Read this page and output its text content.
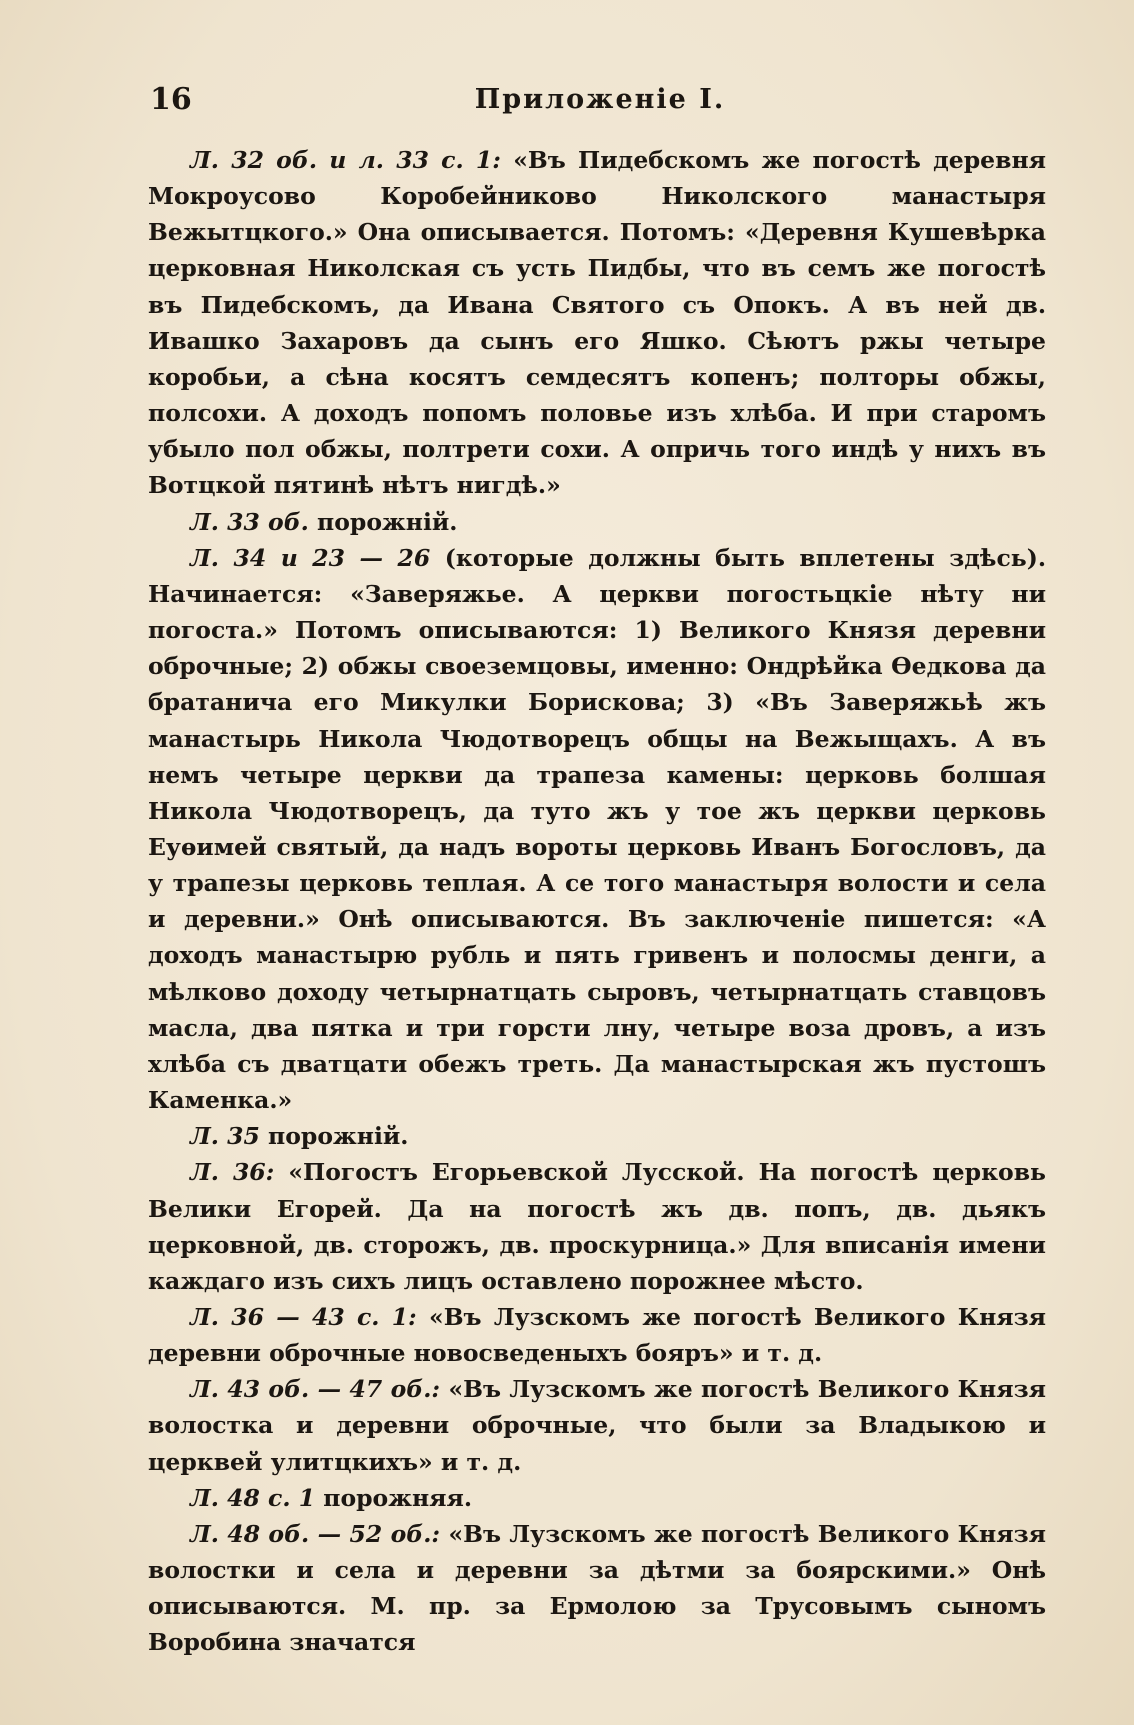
16	Приложеніе I.

Л. 32 об. и л. 33 с. 1: «Въ Пидебскомъ же погостѣ деревня Мокроусово Коробейниково Николского манастыря Вежытцкого.» Она описывается. Потомъ: «Деревня Кушевѣрка церковная Николская съ усть Пидбы, что въ семъ же погостѣ въ Пидебскомъ, да Ивана Святого съ Опокъ. А въ ней дв. Ивашко Захаровъ да сынъ его Яшко. Сѣютъ ржы четыре коробьи, а сѣна косятъ семдесятъ копенъ; полторы обжы, полсохи. А доходъ попомъ половье изъ хлѣба. И при старомъ убыло пол обжы, полтрети сохи. А опричь того индѣ у нихъ въ Вотцкой пятинѣ нѣтъ нигдѣ.»

Л. 33 об. порожній.

Л. 34 и 23 — 26 (которые должны быть вплетены здѣсь). Начинается: «Заверяжье. А церкви погостьцкіе нѣту ни погоста.» Потомъ описываются: 1) Великого Князя деревни оброчные; 2) обжы своеземцовы, именно: Ондрѣйка Ѳедкова да братанича его Микулки Борискова; 3) «Въ Заверяжьѣ жъ манастырь Никола Чюдотворецъ общы на Вежыщахъ. А въ немъ четыре церкви да трапеза камены: церковь болшая Никола Чюдотворецъ, да туто жъ у тое жъ церкви церковь Еуѳимей святый, да надъ вороты церковь Иванъ Богословъ, да у трапезы церковь теплая. А се того манастыря волости и села и деревни.» Онѣ описываются. Въ заключеніе пишется: «А доходъ манастырю рубль и пять гривенъ и полосмы денги, а мѣлково доходу четырнатцать сыровъ, четырнатцать ставцовъ масла, два пятка и три горсти лну, четыре воза дровъ, а изъ хлѣба съ дватцати обежъ треть. Да манастырская жъ пустошъ Каменка.»

Л. 35 порожній.

Л. 36: «Погостъ Егорьевской Лусской. На погостѣ церковь Велики Егорей. Да на погостѣ жъ дв. попъ, дв. дьякъ церковной, дв. сторожъ, дв. проскурница.» Для вписанія имени каждаго изъ сихъ лицъ оставлено порожнее мѣсто.

Л. 36 — 43 с. 1: «Въ Лузскомъ же погостѣ Великого Князя деревни оброчные новосведеныхъ бояръ» и т. д.

Л. 43 об. — 47 об.: «Въ Лузскомъ же погостѣ Великого Князя волостка и деревни оброчные, что были за Владыкою и церквей улитцкихъ» и т. д.

Л. 48 с. 1 порожняя.

Л. 48 об. — 52 об.: «Въ Лузскомъ же погостѣ Великого Князя волостки и села и деревни за дѣтми за боярскими.» Онѣ описываются. М. пр. за Ермолою за Трусовымъ сыномъ Воробина значатся
